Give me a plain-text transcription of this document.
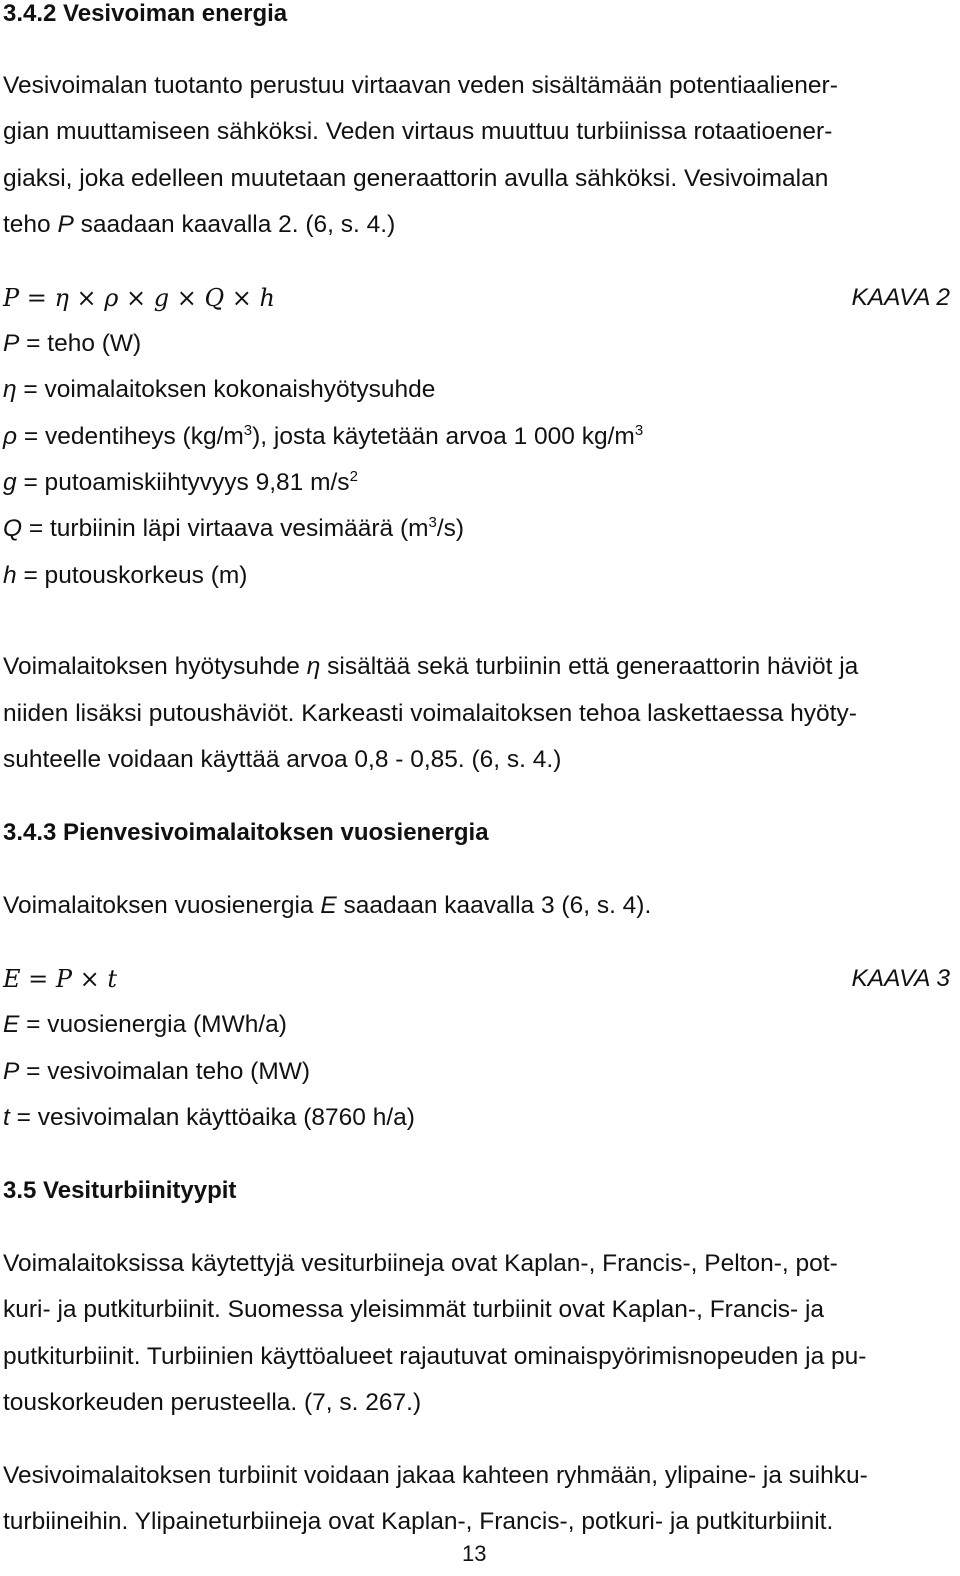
3.4.2 Vesivoiman energia
Vesivoimalan tuotanto perustuu virtaavan veden sisältämään potentiaaliener-
gian muuttamiseen sähköksi. Veden virtaus muuttuu turbiinissa rotaatioener-
giaksi, joka edelleen muutetaan generaattorin avulla sähköksi. Vesivoimalan
teho P saadaan kaavalla 2. (6, s. 4.)
P = η × ρ × g × Q × h	KAAVA 2
P = teho (W)
η = voimalaitoksen kokonaishyötysuhde
ρ = vedentiheys $(kg/m^3)$, josta käytetään arvoa 1 000 $kg/m^3$
g = putoamiskiihtyvyys 9,81 $m/s^2$
Q = turbiinin läpi virtaava vesimäärä $(m^3/s)$
h = putouskorkeus (m)
Voimalaitoksen hyötysuhde η sisältää sekä turbiinin että generaattorin häviöt ja
niiden lisäksi putoushäviöt. Karkeasti voimalaitoksen tehoa laskettaessa hyöty-
suhteelle voidaan käyttää arvoa 0,8 - 0,85. (6, s. 4.)
3.4.3 Pienvesivoimalaitoksen vuosienergia
Voimalaitoksen vuosienergia E saadaan kaavalla 3 (6, s. 4).
E = P × t	KAAVA 3
E = vuosienergia (MWh/a)
P = vesivoimalan teho (MW)
t = vesivoimalan käyttöaika (8760 h/a)
3.5 Vesiturbiinityypit
Voimalaitoksissa käytettyjä vesiturbiineja ovat Kaplan-, Francis-, Pelton-, pot-
kuri- ja putkiturbiinit. Suomessa yleisimmät turbiinit ovat Kaplan-, Francis- ja
putkiturbiinit. Turbiinien käyttöalueet rajautuvat ominaispyörimisnopeuden ja pu-
touskorkeuden perusteella. (7, s. 267.)
Vesivoimalaitoksen turbiinit voidaan jakaa kahteen ryhmään, ylipaine- ja suihku-
turbiineihin. Ylipaineturbiineja ovat Kaplan-, Francis-, potkuri- ja putkiturbiinit.
13
